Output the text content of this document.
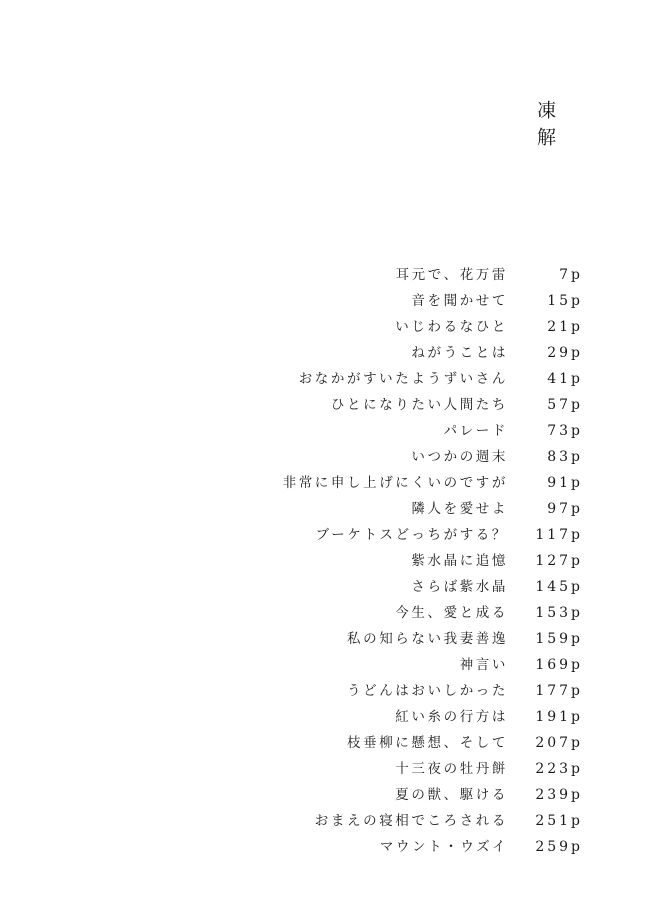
凍解
耳元で、花万雷	7p
音を聞かせて	15p
いじわるなひと	21p
ねがうことは	29p
おなかがすいたようずいさん	41p
ひとになりたい人間たち	57p
パレード	73p
いつかの週末	83p
非常に申し上げにくいのですが	91p
隣人を愛せよ	97p
ブーケトスどっちがする？ 117p
紫水晶に追憶 127p
さらば紫水晶 145p
今生、愛と成る 153p
私の知らない我妻善逸 159p
神言い 169p
うどんはおいしかった 177p
紅い糸の行方は 191p
枝垂柳に懸想、そして 207p
十三夜の牡丹餅 223p
夏の獣、駆ける 239p
おまえの寝相でころされる 251p
マウント・ウズイ 259p
